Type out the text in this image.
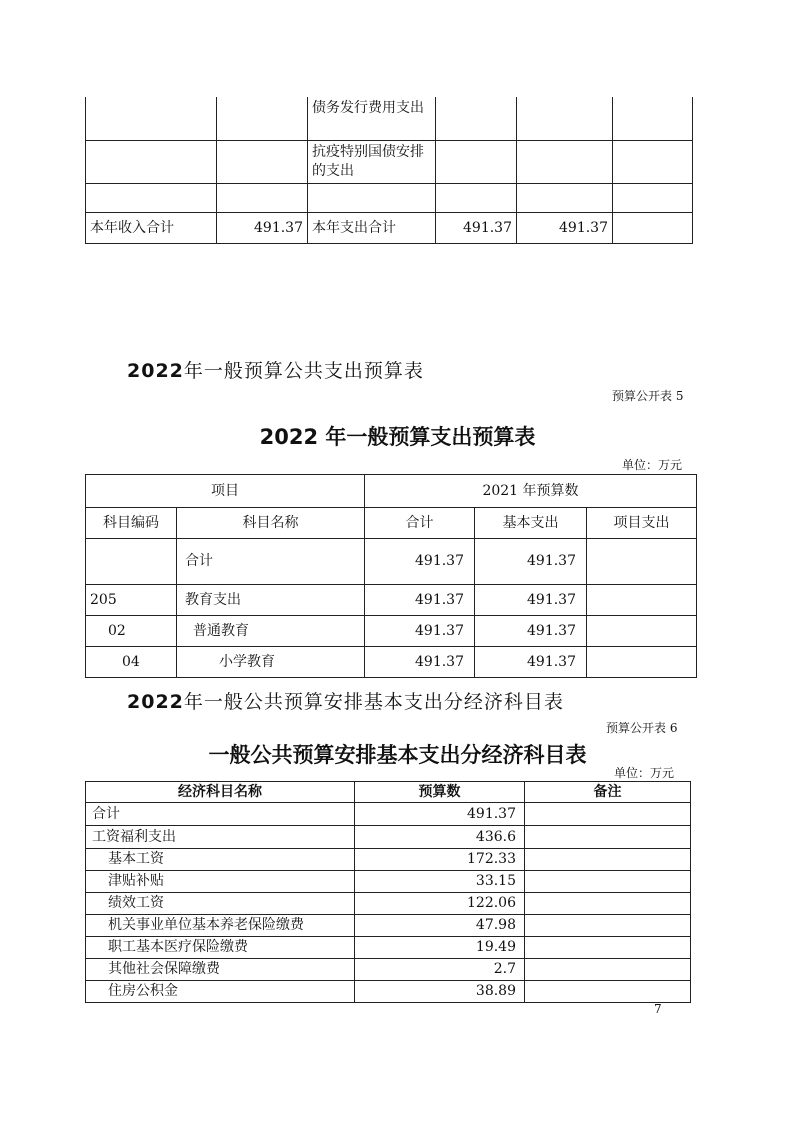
		债务发行费用支出			
		抗疫特别国债安排的支出			

本年收入合计	491.37	本年支出合计	491.37	491.37	
2022年一般预算公共支出预算表
预算公开表 5
2022 年一般预算支出预算表
单位：万元
项目		2021 年预算数		
科目编码	科目名称	合计	基本支出	项目支出
	合计	491.37	491.37	
205	教育支出	491.37	491.37	
02	普通教育	491.37	491.37	
04	小学教育	491.37	491.37	
2022年一般公共预算安排基本支出分经济科目表
预算公开表 6
一般公共预算安排基本支出分经济科目表
单位：万元
经济科目名称	预算数	备注
合计	491.37	
工资福利支出	436.6	
基本工资	172.33	
津贴补贴	33.15	
绩效工资	122.06	
机关事业单位基本养老保险缴费	47.98	
职工基本医疗保险缴费	19.49	
其他社会保障缴费	2.7	
住房公积金	38.89	
7
